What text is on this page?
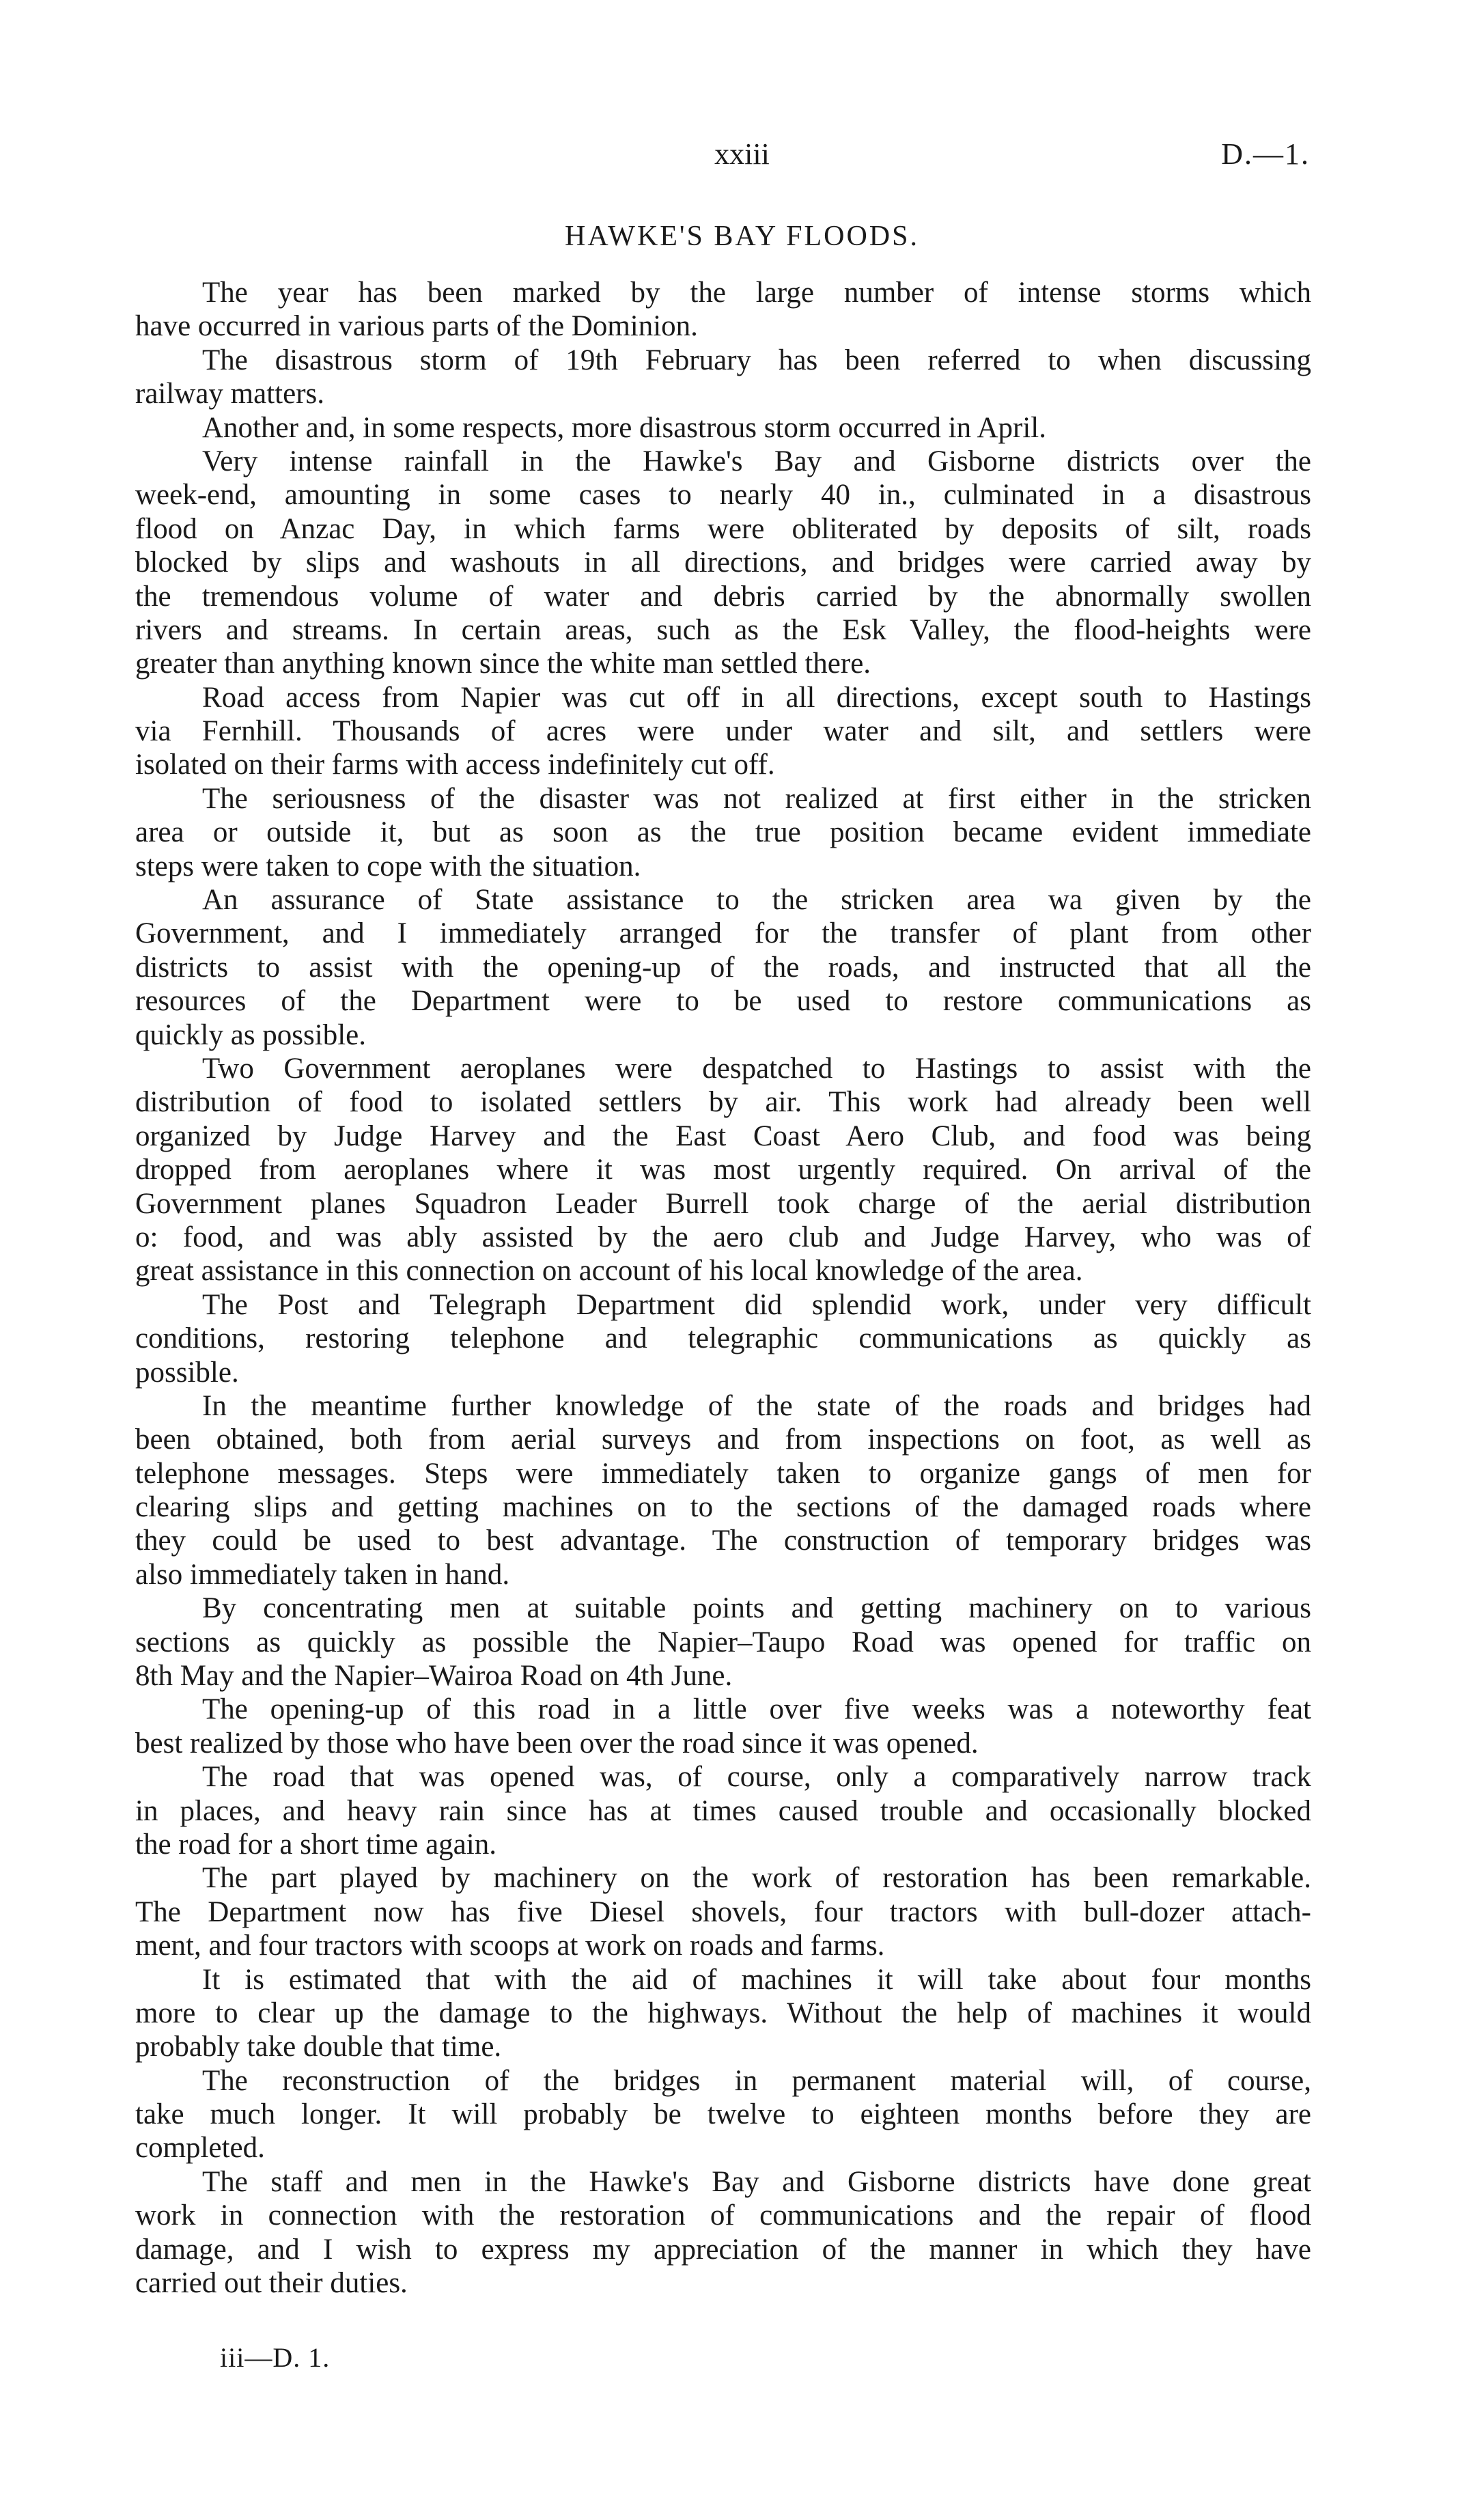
xxiii	D.—1.
HAWKE'S BAY FLOODS.
The year has been marked by the large number of intense storms which
have occurred in various parts of the Dominion.
The disastrous storm of 19th February has been referred to when discussing
railway matters.
Another and, in some respects, more disastrous storm occurred in April.
Very intense rainfall in the Hawke's Bay and Gisborne districts over the
week-end, amounting in some cases to nearly 40 in., culminated in a disastrous
flood on Anzac Day, in which farms were obliterated by deposits of silt, roads
blocked by slips and washouts in all directions, and bridges were carried away by
the tremendous volume of water and debris carried by the abnormally swollen
rivers and streams. In certain areas, such as the Esk Valley, the flood-heights were
greater than anything known since the white man settled there.
Road access from Napier was cut off in all directions, except south to Hastings
via Fernhill. Thousands of acres were under water and silt, and settlers were
isolated on their farms with access indefinitely cut off.
The seriousness of the disaster was not realized at first either in the stricken
area or outside it, but as soon as the true position became evident immediate
steps were taken to cope with the situation.
An assurance of State assistance to the stricken area wa given by the
Government, and I immediately arranged for the transfer of plant from other
districts to assist with the opening-up of the roads, and instructed that all the
resources of the Department were to be used to restore communications as
quickly as possible.
Two Government aeroplanes were despatched to Hastings to assist with the
distribution of food to isolated settlers by air. This work had already been well
organized by Judge Harvey and the East Coast Aero Club, and food was being
dropped from aeroplanes where it was most urgently required. On arrival of the
Government planes Squadron Leader Burrell took charge of the aerial distribution
o: food, and was ably assisted by the aero club and Judge Harvey, who was of
great assistance in this connection on account of his local knowledge of the area.
The Post and Telegraph Department did splendid work, under very difficult
conditions, restoring telephone and telegraphic communications as quickly as
possible.
In the meantime further knowledge of the state of the roads and bridges had
been obtained, both from aerial surveys and from inspections on foot, as well as
telephone messages. Steps were immediately taken to organize gangs of men for
clearing slips and getting machines on to the sections of the damaged roads where
they could be used to best advantage. The construction of temporary bridges was
also immediately taken in hand.
By concentrating men at suitable points and getting machinery on to various
sections as quickly as possible the Napier–Taupo Road was opened for traffic on
8th May and the Napier–Wairoa Road on 4th June.
The opening-up of this road in a little over five weeks was a noteworthy feat
best realized by those who have been over the road since it was opened.
The road that was opened was, of course, only a comparatively narrow track
in places, and heavy rain since has at times caused trouble and occasionally blocked
the road for a short time again.
The part played by machinery on the work of restoration has been remarkable.
The Department now has five Diesel shovels, four tractors with bull-dozer attach-
ment, and four tractors with scoops at work on roads and farms.
It is estimated that with the aid of machines it will take about four months
more to clear up the damage to the highways. Without the help of machines it would
probably take double that time.
The reconstruction of the bridges in permanent material will, of course,
take much longer. It will probably be twelve to eighteen months before they are
completed.
The staff and men in the Hawke's Bay and Gisborne districts have done great
work in connection with the restoration of communications and the repair of flood
damage, and I wish to express my appreciation of the manner in which they have
carried out their duties.
iii—D. 1.
